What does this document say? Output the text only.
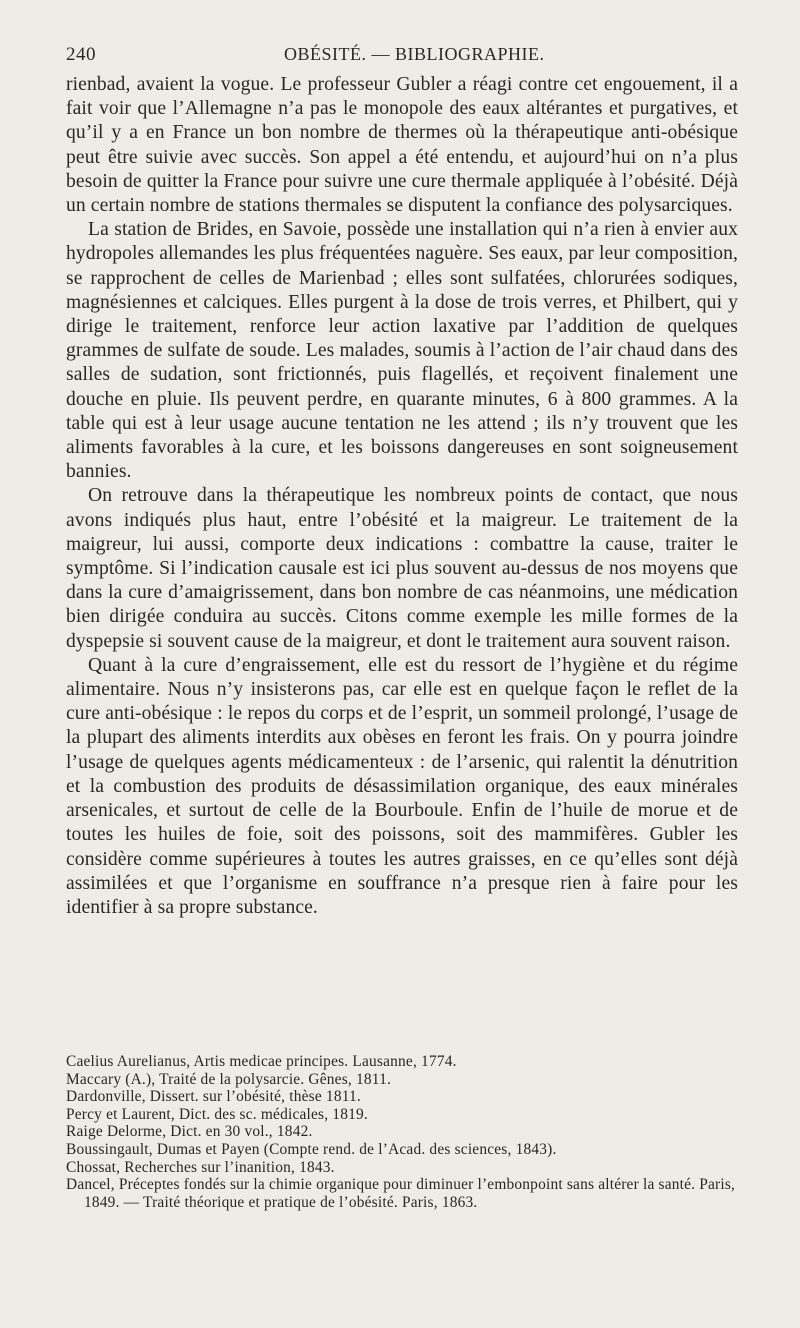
240	OBÉSITÉ. — BIBLIOGRAPHIE.

rienbad, avaient la vogue. Le professeur Gubler a réagi contre cet engouement, il a fait voir que l’Allemagne n’a pas le monopole des eaux altérantes et purgatives, et qu’il y a en France un bon nombre de thermes où la thérapeutique anti-obésique peut être suivie avec succès. Son appel a été entendu, et aujourd’hui on n’a plus besoin de quitter la France pour suivre une cure thermale appliquée à l’obésité. Déjà un certain nombre de stations thermales se disputent la confiance des polysarciques.

La station de Brides, en Savoie, possède une installation qui n’a rien à envier aux hydropoles allemandes les plus fréquentées naguère. Ses eaux, par leur composition, se rapprochent de celles de Marienbad ; elles sont sulfatées, chlorurées sodiques, magnésiennes et calciques. Elles purgent à la dose de trois verres, et Philbert, qui y dirige le traitement, renforce leur action laxative par l’addition de quelques grammes de sulfate de soude. Les malades, soumis à l’action de l’air chaud dans des salles de sudation, sont frictionnés, puis flagellés, et reçoivent finalement une douche en pluie. Ils peuvent perdre, en quarante minutes, 6 à 800 grammes. A la table qui est à leur usage aucune tentation ne les attend ; ils n’y trouvent que les aliments favorables à la cure, et les boissons dangereuses en sont soigneusement bannies.

On retrouve dans la thérapeutique les nombreux points de contact, que nous avons indiqués plus haut, entre l’obésité et la maigreur. Le traitement de la maigreur, lui aussi, comporte deux indications : combattre la cause, traiter le symptôme. Si l’indication causale est ici plus souvent au-dessus de nos moyens que dans la cure d’amaigrissement, dans bon nombre de cas néanmoins, une médication bien dirigée conduira au succès. Citons comme exemple les mille formes de la dyspepsie si souvent cause de la maigreur, et dont le traitement aura souvent raison.

Quant à la cure d’engraissement, elle est du ressort de l’hygiène et du régime alimentaire. Nous n’y insisterons pas, car elle est en quelque façon le reflet de la cure anti-obésique : le repos du corps et de l’esprit, un sommeil prolongé, l’usage de la plupart des aliments interdits aux obèses en feront les frais. On y pourra joindre l’usage de quelques agents médicamenteux : de l’arsenic, qui ralentit la dénutrition et la combustion des produits de désassimilation organique, des eaux minérales arsenicales, et surtout de celle de la Bourboule. Enfin de l’huile de morue et de toutes les huiles de foie, soit des poissons, soit des mammifères. Gubler les considère comme supérieures à toutes les autres graisses, en ce qu’elles sont déjà assimilées et que l’organisme en souffrance n’a presque rien à faire pour les identifier à sa propre substance.

Caelius Aurelianus, Artis medicae principes. Lausanne, 1774.
Maccary (A.), Traité de la polysarcie. Gênes, 1811.
Dardonville, Dissert. sur l’obésité, thèse 1811.
Percy et Laurent, Dict. des sc. médicales, 1819.
Raige Delorme, Dict. en 30 vol., 1842.
Boussingault, Dumas et Payen (Compte rend. de l’Acad. des sciences, 1843).
Chossat, Recherches sur l’inanition, 1843.
Dancel, Préceptes fondés sur la chimie organique pour diminuer l’embonpoint sans altérer la santé. Paris, 1849. — Traité théorique et pratique de l’obésité. Paris, 1863.
